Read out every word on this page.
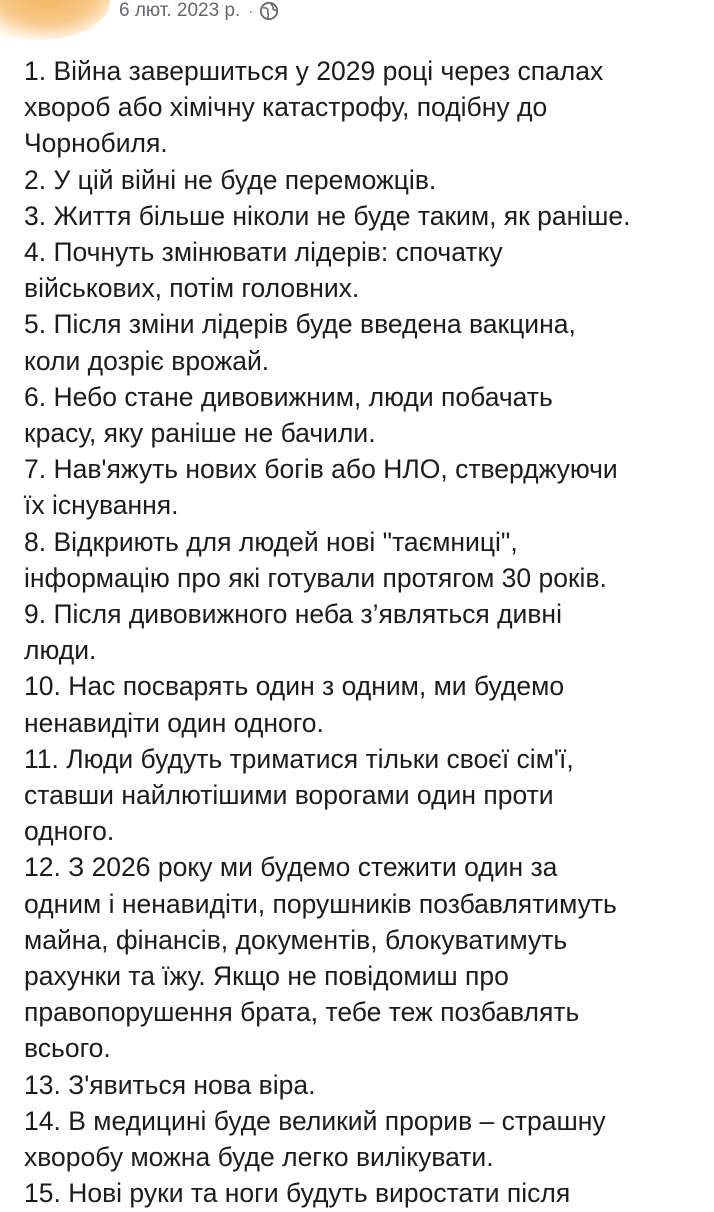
6 лют. 2023 р. ·
1. Війна завершиться у 2029 році через спалах
хвороб або хімічну катастрофу, подібну до
Чорнобиля.
2. У цій війні не буде переможців.
3. Життя більше ніколи не буде таким, як раніше.
4. Почнуть змінювати лідерів: спочатку
військових, потім головних.
5. Після зміни лідерів буде введена вакцина,
коли дозріє врожай.
6. Небо стане дивовижним, люди побачать
красу, яку раніше не бачили.
7. Нав'яжуть нових богів або НЛО, стверджуючи
їх існування.
8. Відкриють для людей нові "таємниці",
інформацію про які готували протягом 30 років.
9. Після дивовижного неба з’являться дивні
люди.
10. Нас посварять один з одним, ми будемо
ненавидіти один одного.
11. Люди будуть триматися тільки своєї сім'ї,
ставши найлютішими ворогами один проти
одного.
12. З 2026 року ми будемо стежити один за
одним і ненавидіти, порушників позбавлятимуть
майна, фінансів, документів, блокуватимуть
рахунки та їжу. Якщо не повідомиш про
правопорушення брата, тебе теж позбавлять
всього.
13. З'явиться нова віра.
14. В медицині буде великий прорив – страшну
хворобу можна буде легко вилікувати.
15. Нові руки та ноги будуть виростати після
